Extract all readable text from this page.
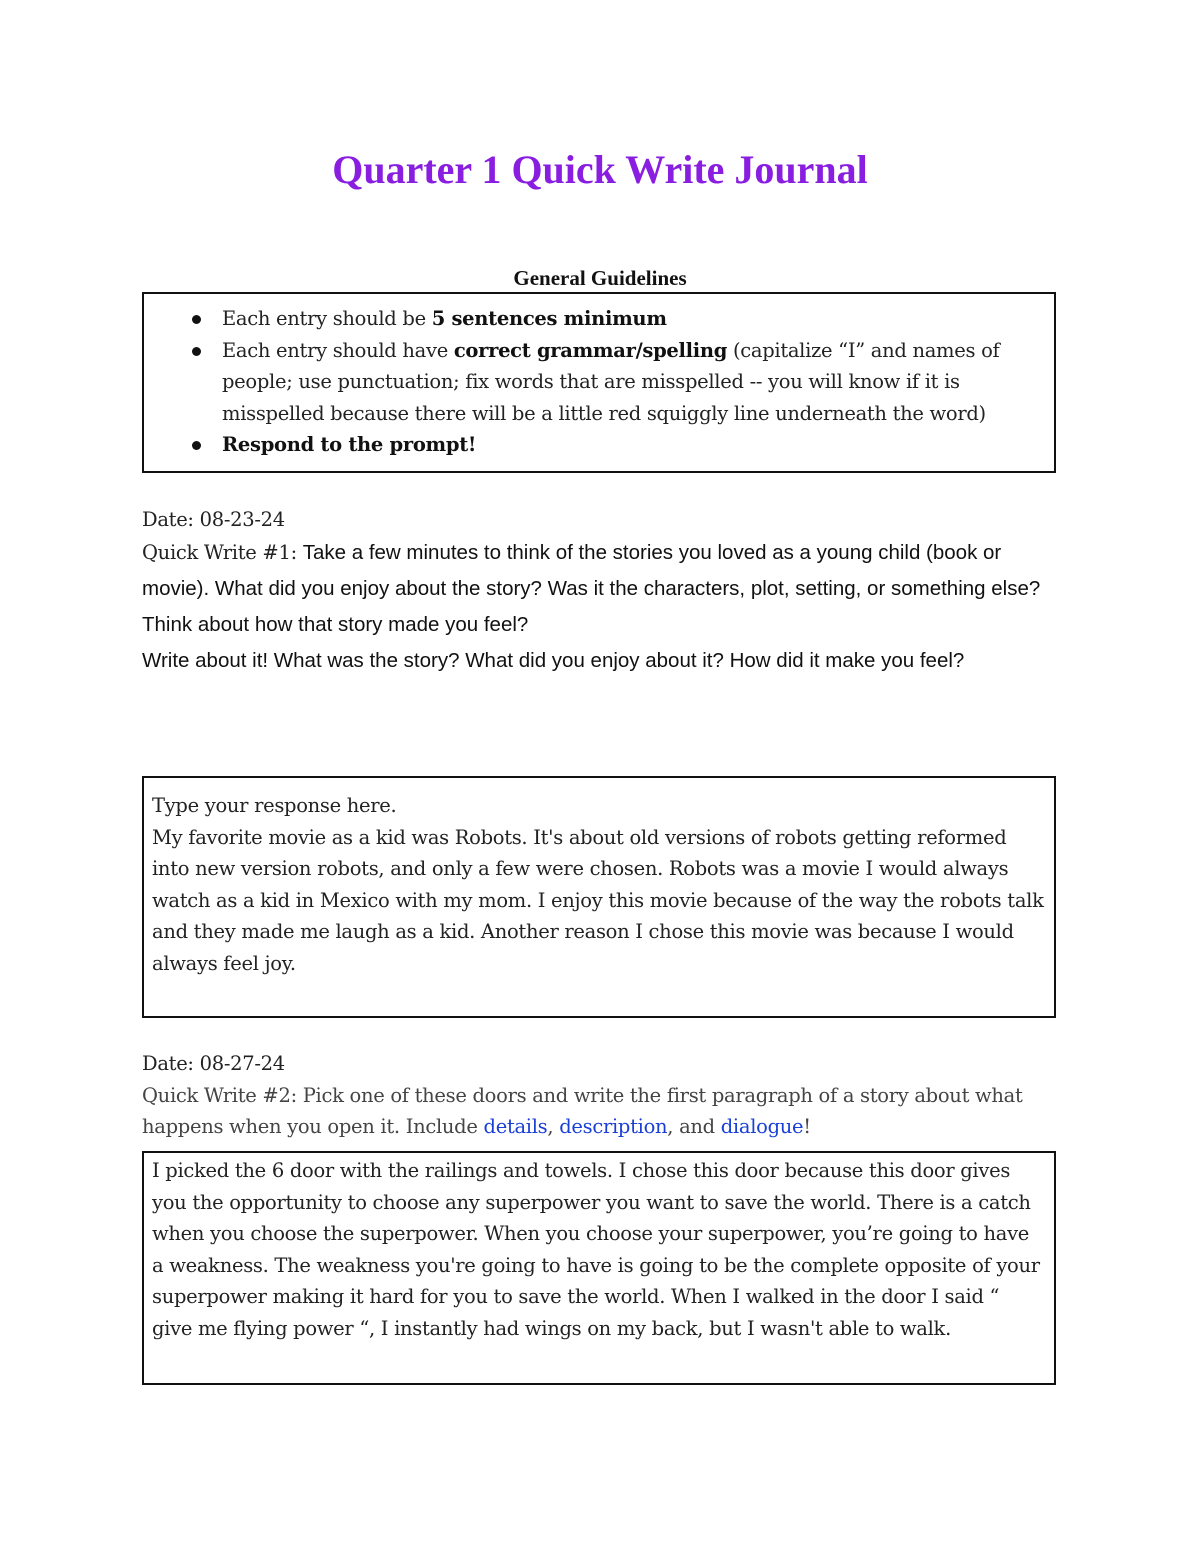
Quarter 1 Quick Write Journal
General Guidelines
Each entry should be 5 sentences minimum
Each entry should have correct grammar/spelling (capitalize “I” and names of people; use punctuation; fix words that are misspelled -- you will know if it is misspelled because there will be a little red squiggly line underneath the word)
Respond to the prompt!
Date: 08-23-24
Quick Write #1: Take a few minutes to think of the stories you loved as a young child (book or movie). What did you enjoy about the story? Was it the characters, plot, setting, or something else? Think about how that story made you feel?
Write about it! What was the story? What did you enjoy about it? How did it make you feel?
Type your response here.
My favorite movie as a kid was Robots. It's about old versions of robots getting reformed into new version robots, and only a few were chosen. Robots was a movie I would always watch as a kid in Mexico with my mom. I enjoy this movie because of the way the robots talk and they made me laugh as a kid. Another reason I chose this movie was because I would always feel joy.
Date: 08-27-24
Quick Write #2: Pick one of these doors and write the first paragraph of a story about what happens when you open it. Include details, description, and dialogue!
I picked the 6 door with the railings and towels. I chose this door because this door gives you the opportunity to choose any superpower you want to save the world. There is a catch when you choose the superpower. When you choose your superpower, you’re going to have a weakness. The weakness you're going to have is going to be the complete opposite of your superpower making it hard for you to save the world. When I walked in the door I said “ give me flying power “, I instantly had wings on my back, but I wasn't able to walk.
